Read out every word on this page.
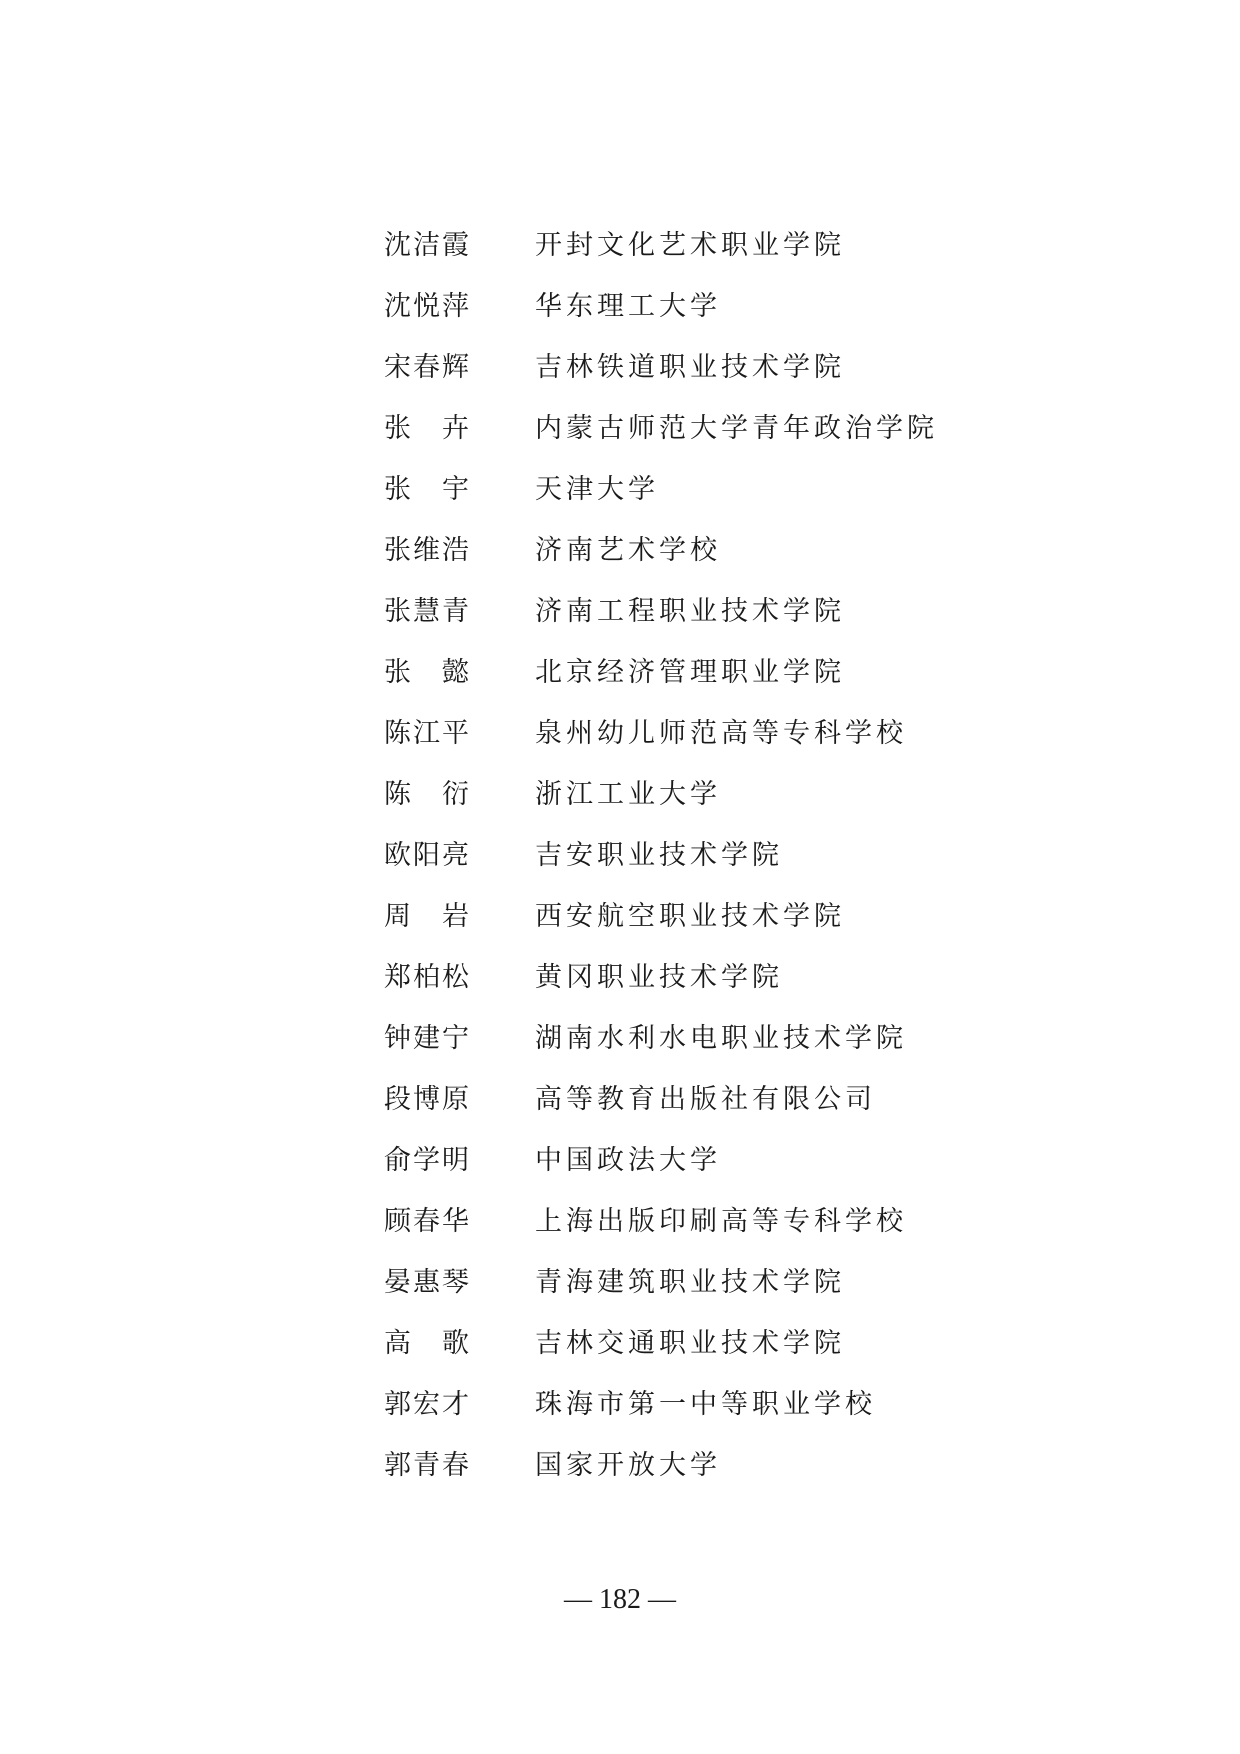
沈洁霞	开封文化艺术职业学院
沈悦萍	华东理工大学
宋春辉	吉林铁道职业技术学院
张　卉	内蒙古师范大学青年政治学院
张　宇	天津大学
张维浩	济南艺术学校
张慧青	济南工程职业技术学院
张　懿	北京经济管理职业学院
陈江平	泉州幼儿师范高等专科学校
陈　衍	浙江工业大学
欧阳亮	吉安职业技术学院
周　岩	西安航空职业技术学院
郑柏松	黄冈职业技术学院
钟建宁	湖南水利水电职业技术学院
段博原	高等教育出版社有限公司
俞学明	中国政法大学
顾春华	上海出版印刷高等专科学校
晏惠琴	青海建筑职业技术学院
高　歌	吉林交通职业技术学院
郭宏才	珠海市第一中等职业学校
郭青春	国家开放大学
— 182 —
